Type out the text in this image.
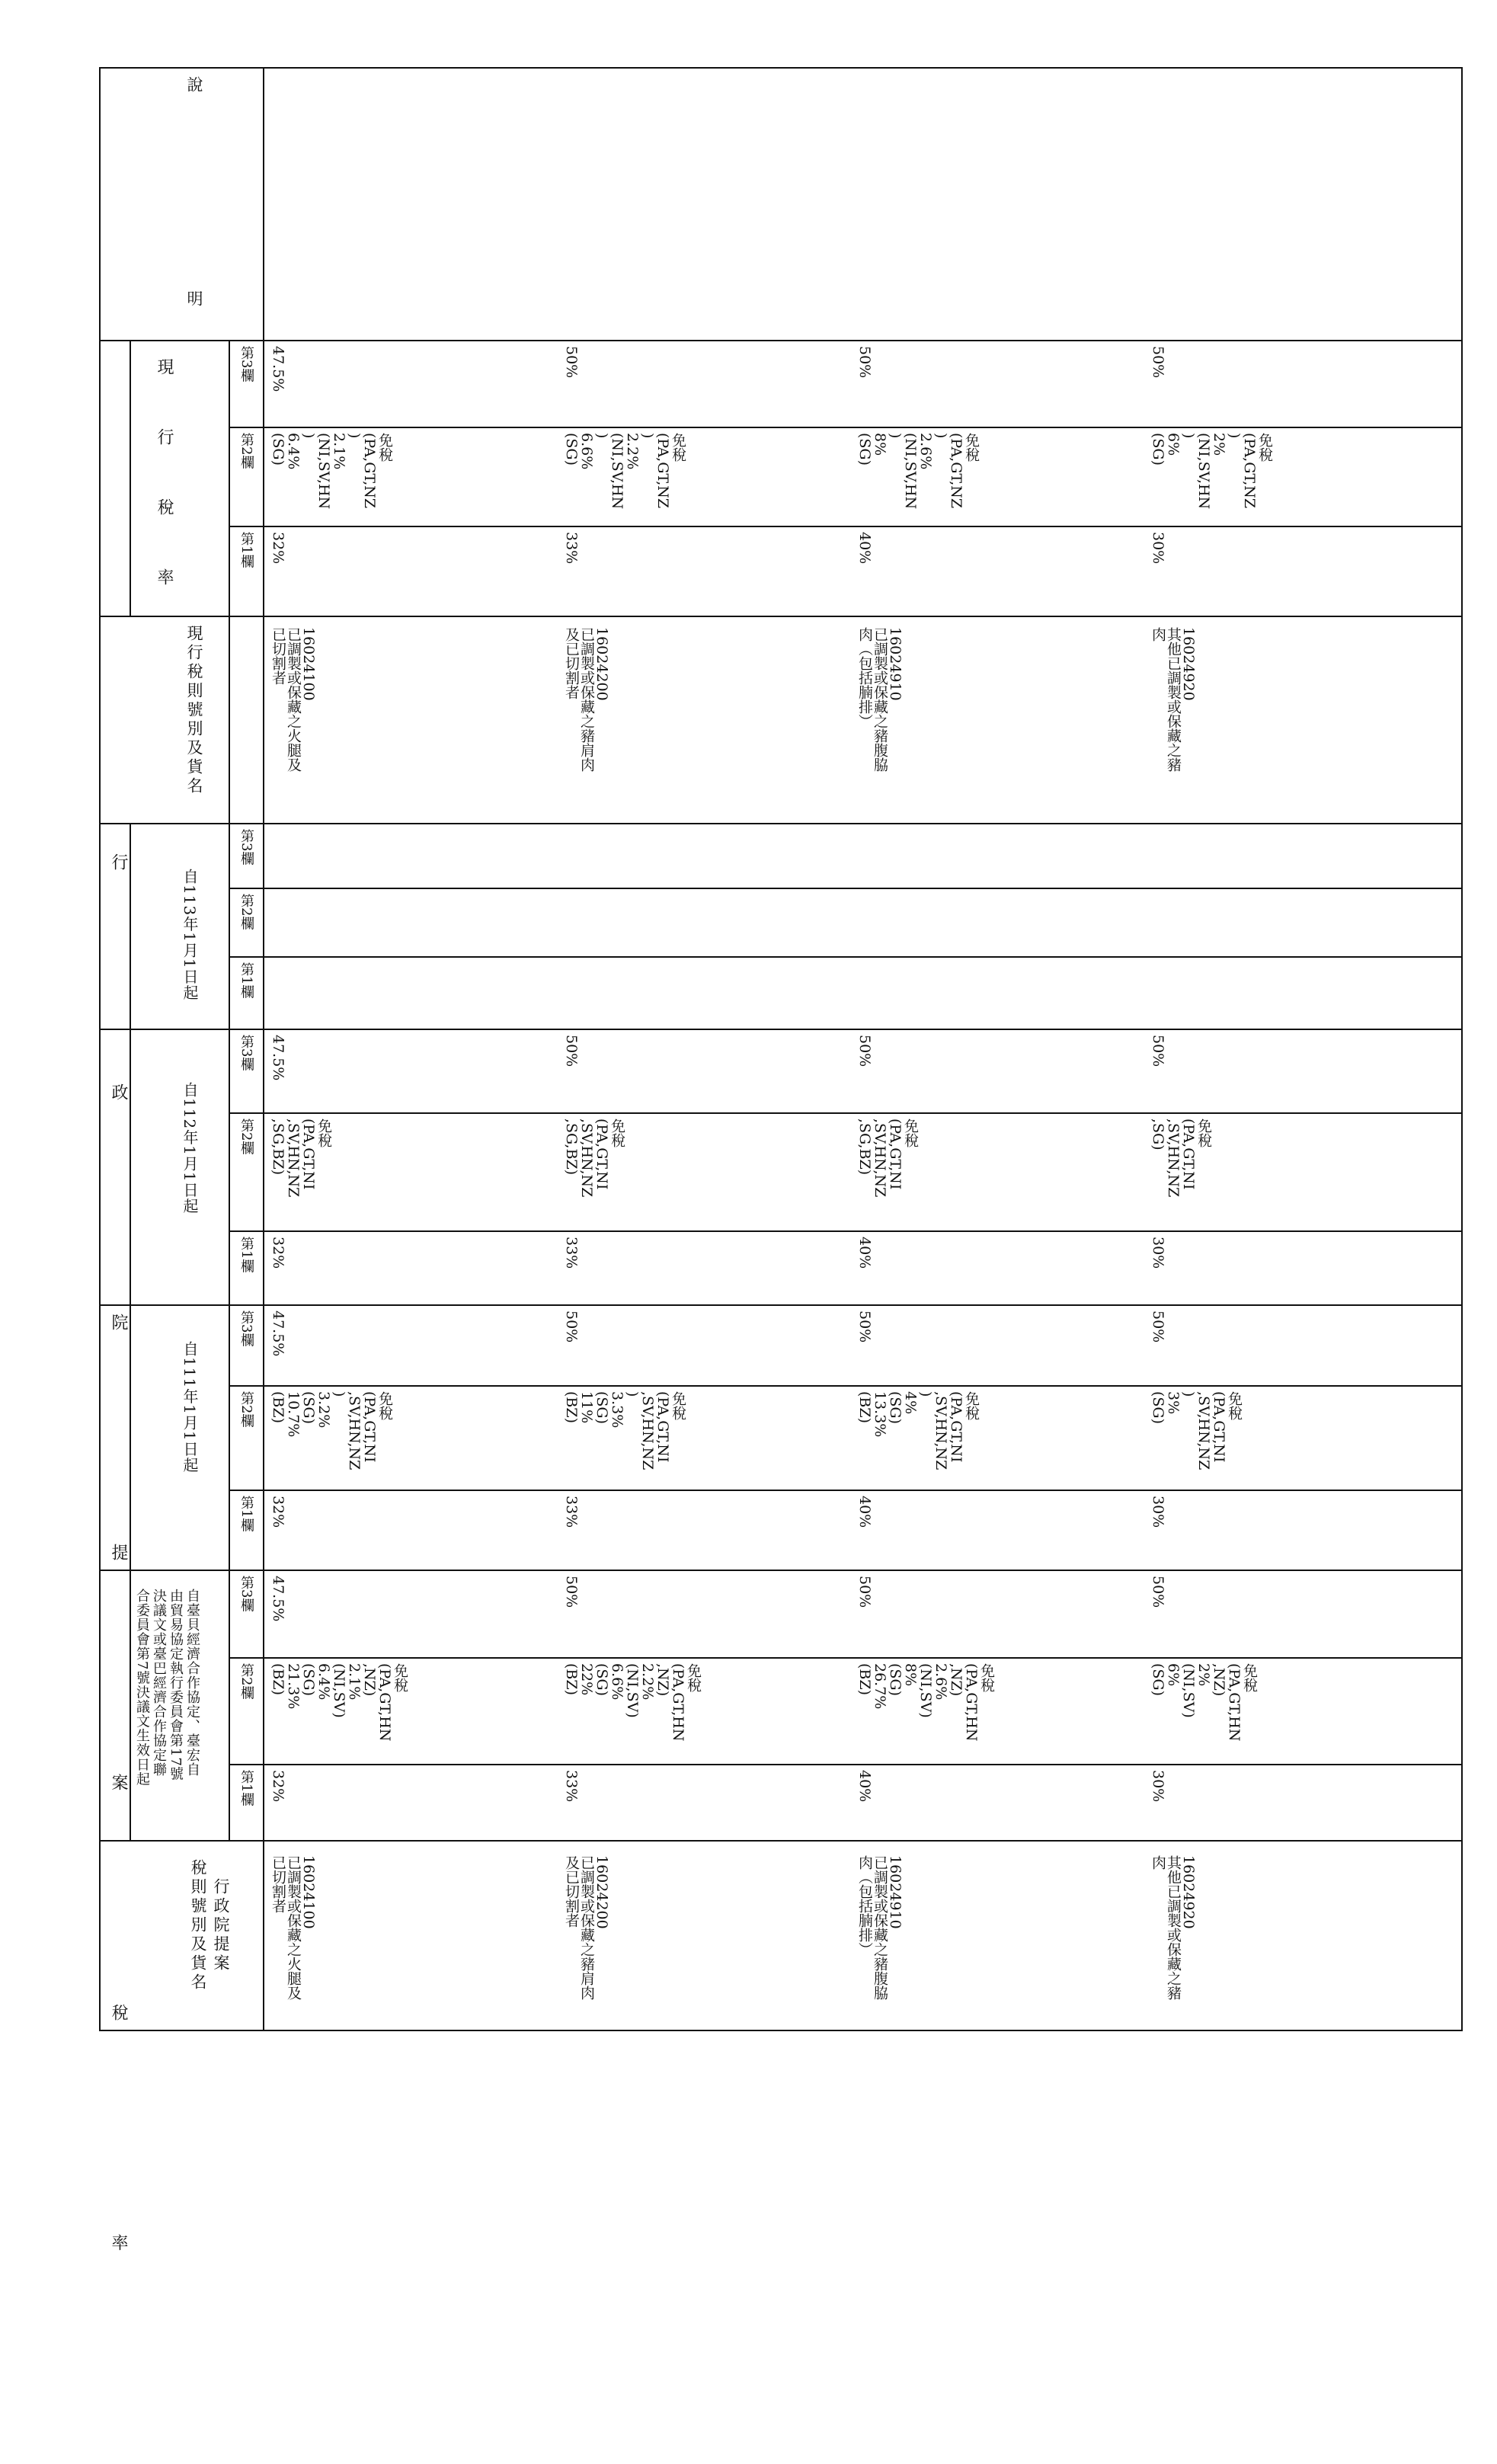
行政院提案
稅則號別及貨名
行政院提案稅率	自臺貝經濟合作協定、臺宏自
由貿易協定執行委員會第17號
決議文或臺巴經濟合作協定聯
合委員會第7號決議文生效日起
自111年1月1日起
自112年1月1日起
自113年1月1日起
現行稅則號別及貨名
現行稅率 說明	第3欄
第2欄
第1欄
第3欄
第2欄
第1欄
第3欄
第2欄
第1欄
第3欄
第2欄
第1欄
第3欄
第2欄
第1欄
16024100
已調製或保藏之火腿及
已切割者
16024100
已調製或保藏之火腿及
已切割者
47.5%
免稅
(PA,GT,HN
,NZ)
2.1%
(NI,SV)
6.4%
(SG)
21.3%
(BZ)
32%
47.5%
免稅
(PA,GT,NI
,SV,HN,NZ
)
3.2%
(SG)
10.7%
(BZ)
32%
47.5%
免稅
(PA,GT,NI
,SV,HN,NZ
,SG,BZ)
32%
47.5%
免稅
(PA,GT,NZ
)
2.1%
(NI,SV,HN
)
6.4%
(SG)
32%
16024200
已調製或保藏之豬肩肉
及已切割者
16024200
已調製或保藏之豬肩肉
及已切割者
50%
免稅
(PA,GT,HN
,NZ)
2.2%
(NI,SV)
6.6%
(SG)
22%
(BZ)
33%
50%
免稅
(PA,GT,NI
,SV,HN,NZ
)
3.3%
(SG)
11%
(BZ)
33%
50%
免稅
(PA,GT,NI
,SV,HN,NZ
,SG,BZ)
33%
50%
免稅
(PA,GT,NZ
)
2.2%
(NI,SV,HN
)
6.6%
(SG)
33%
16024910
已調製或保藏之豬腹脇
肉（包括腩排）
16024910
已調製或保藏之豬腹脇
肉（包括腩排）
50%
免稅
(PA,GT,HN
,NZ)
2.6%
(NI,SV)
8%
(SG)
26.7%
(BZ)
40%
50%
免稅
(PA,GT,NI
,SV,HN,NZ
)
4%
(SG)
13.3%
(BZ)
40%
50%
免稅
(PA,GT,NI
,SV,HN,NZ
,SG,BZ)
40%
50%
免稅
(PA,GT,NZ
)
2.6%
(NI,SV,HN
)
8%
(SG)
40%
16024920
其他已調製或保藏之豬
肉
16024920
其他已調製或保藏之豬
肉
50%
免稅
(PA,GT,HN
,NZ)
2%
(NI,SV)
6%
(SG)
30%
50%
免稅
(PA,GT,NI
,SV,HN,NZ
)
3%
(SG)
30%
50%
免稅
(PA,GT,NI
,SV,HN,NZ
,SG)
30%
50%
免稅
(PA,GT,NZ
)
2%
(NI,SV,HN
)
6%
(SG)
30%
